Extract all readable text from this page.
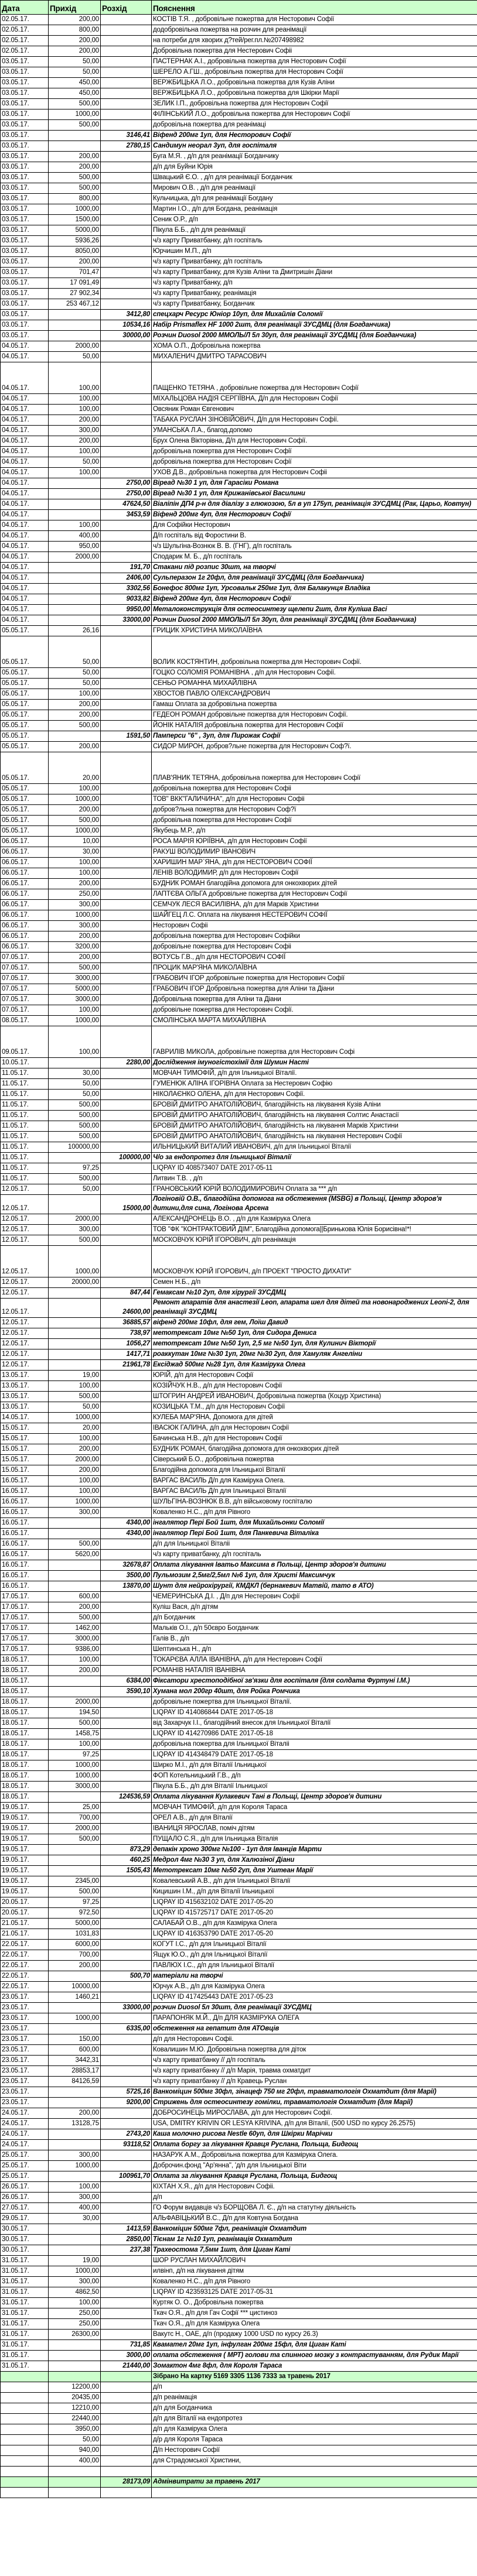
Дата	Прихід	Розхід	Пояснення
02.05.17.	200,00		КОСТІВ Т.Я. , добровільне пожертва для Несторович Софії
02.05.17.	800,00		додобровільна пожертва на розчин для реанімації
02.05.17.	200,00		на потреби для хворих д?тей/рег.пл.№207498982
02.05.17.	200,00		Добровільна пожертва для Нестерович Софіі
03.05.17.	50,00		ПАСТЕРНАК А.І., добровільна пожертва для Несторович Софії
03.05.17.	50,00		ШЕРЕЛО А.ГШ., добровільна пожертва для Несторович Софії
03.05.17.	450,00		ВЕРЖБИЦЬКА Л.О., добровільна пожертва для Кузів Аліни
03.05.17.	450,00		ВЕРЖБИЦЬКА Л.О., добровільна пожертва для Шкірки Марії
03.05.17.	500,00		ЗЕЛИК І.П., добровільна пожертва для Несторович Софії
03.05.17.	1000,00		ФІЛІНСЬКИЙ Л.О., добровільна пожертва для Несторович Софії
03.05.17.	500,00		добровільна пожертва для реанімаці
03.05.17.		3146,41	Віфенд 200мг 1уп, для Несторович Софії
03.05.17.		2780,15	Сандимун неорал 3уп, для госпіталя
03.05.17.	200,00		Буга М.Я. , д/п для реанімації Богданчику
03.05.17.	200,00		д/п для Буйни Юрія
03.05.17.	500,00		Швацький Є.О. , д/п для реанімації Богданчик
03.05.17.	500,00		Мирович О.В. , д/п для реанімації
03.05.17.	800,00		Кульчицька, д/п для реанімації Богдану
03.05.17.	1000,00		Мартин І.О., д/п для Богдана, реанімація
03.05.17.	1500,00		Сеник О.Р., д/п
03.05.17.	5000,00		Пікула Б.Б., д/п для реанімації
03.05.17.	5936,26		ч/з карту Приватбанку, д/п госпіталь
03.05.17.	8050,00		Юрчишин М.П., д/п
03.05.17.	200,00		ч/з карту Приватбанку, д/п госпіталь
03.05.17.	701,47		ч/з карту Приватбанку, для Кузів Аліни та Дмитришін Діани
03.05.17.	17 091,49		ч/з карту Приватбанку, д/п
03.05.17.	27 902,34		ч/з карту Приватбанку, реанімація
03.05.17.	253 467,12		ч/з карту Приватбанку, Богданчик
03.05.17.		3412,80	спецхарч Ресурс Юніор 10уп, для Михайлів Соломії
03.05.17.		10534,16	Набір Prismaflex HF 1000 2шт, для реанімації ЗУСДМЦ (для Богданчика)
03.05.17.		30000,00	Розчин Duosol 2000 ММОЛЬ/Л 5л 30уп, для реанімації ЗУСДМЦ (для Богданчика)
04.05.17.	2000,00		ХОМА О.П., Добровільна пожертва
04.05.17.	50,00		МИХАЛЕНИЧ ДМИТРО ТАРАСОВИЧ
04.05.17.	100,00		ПАЩЕНКО ТЕТЯНА , добровільне пожертва для Несторович Софії
04.05.17.	100,00		МІХАЛЬЦОВА НАДІЯ СЕРГІЇВНА, Д/п для Несторович Софії
04.05.17.	100,00		Овсяник Роман Євгенович
04.05.17.	200,00		ТАБАКА РУСЛАН ЗІНОВІЙОВИЧ, Д/п для Несторович Софії.
04.05.17.	300,00		УМАНСЬКА Л.А., благод.допомо
04.05.17.	200,00		Брух Олена Вікторівна, Д/п для Несторович Софії.
04.05.17.	100,00		добровільна пожертва для Несторович Софії
04.05.17.	50,00		добровільна пожертва для Несторович Софії
04.05.17.	100,00		УХОВ Д.В., добровільна пожертва для Несторович Софіі
04.05.17.		2750,00	Віреад №30 1 уп, для Гарасіки Романа
04.05.17.		2750,00	Віреад №30 1 уп, для Крижанівської Василини
04.05.17.		47624,50	Віаліпін ДП4 р-н для діалізу з глюкозою, 5л в уп 175уп, реанімація ЗУСДМЦ (Рак, Царьо, Ковтун)
04.05.17.		3453,59	Віфенд 200мг 4уп, для Несторович Софії
04.05.17.	100,00		Для Софійки Несторович
04.05.17.	400,00		Д/п госпіталь від Форостини В.
04.05.17.	950,00		ч/з Шульгіна-Вознюк В. В. (ГНГ), д/п госпіталь
04.05.17.	2000,00		Сподарик М. Б., д/п госпіталь
04.05.17.		191,70	Стакани під розпис 30шт, на творчі
04.05.17.		2406,00	Сульперазон 1г 20фл, для реанімації ЗУСДМЦ (для Богданчика)
04.05.17.		3302,56	Бонефос 800мг 1уп, Урсовальк 250мг 1уп, для Балакунця Владіка
04.05.17.		9033,82	Віфенд 200мг 4уп, для Несторович Софії
04.05.17.		9950,00	Металоконструкція для остеосинтезу щелепи 2шт, для Куліша Васі
04.05.17.		33000,00	Розчин Duosol 2000 ММОЛЬ/Л 5л 30уп, для реанімації ЗУСДМЦ (для Богданчика)
05.05.17.	26,16		ГРИЦИК ХРИСТИНА МИКОЛАЇВНА
05.05.17.	50,00		ВОЛИК КОСТЯНТИН, добровільна пожертва для Несторович Софії.
05.05.17.	50,00		ГОЦКО СОЛОМІЯ РОМАНІВНА , д/п для Несторович Софії.
05.05.17.	50,00		СЕНЬО РОМАННА МИХАЙЛІВНА
05.05.17.	100,00		ХВОСТОВ ПАВЛО ОЛЕКСАНДРОВИЧ
05.05.17.	200,00		Гамаш Оплата за добровільна пожертва
05.05.17.	200,00		ГЕДЕОН РОМАН добровільне пожертва для Несторович Софії.
05.05.17.	500,00		ЙОНІК НАТАЛІЯ добровільна пожертва для Несторович Софії
05.05.17.		1591,50	Памперси "6" , 3уп, для Пирожак Софії
05.05.17.	200,00		СИДОР МИРОН, добров?льне пожертва для Несторович Соф?ї.
05.05.17.	20,00		ПЛАВ'ЯНИК ТЕТЯНА, добровільна пожертва для Несторович Софії
05.05.17.	100,00		добровільна пожертва для Несторович Софіі
05.05.17.	1000,00		ТОВ" ВКК"ГАЛИЧИНА", д/п для Несторович Софіі
05.05.17.	200,00		добров?льна пожертва для Несторович Соф?ї
05.05.17.	500,00		добровільна пожертва для Несторович Софії
05.05.17.	1000,00		Якубець М.Р., д/п
06.05.17.	10,00		РОСА МАРІЯ ЮРІЇВНА, д/п для Несторович Софії
06.05.17.	30,00		РАКУШ ВОЛОДИМИР ІВАНОВИЧ
06.05.17.	100,00		ХАРИШИН МАР`ЯНА, д/п для НЕСТОРОВИЧ СОФІЇ
06.05.17.	100,00		ЛЕНІВ ВОЛОДИМИР, д/п для Несторович Софії
06.05.17.	200,00		БУДНИК РОМАН благодійна допомога для онкохворих дітей
06.05.17.	250,00		ЛАПТЄВА ОЛЬГА добровільне пожертва для Несторович Софії
06.05.17.	300,00		СЕМЧУК ЛЕСЯ ВАСИЛІВНА, д/п для Марків Христини
06.05.17.	1000,00		ШАЙГЕЦ Л.С. Оплата на лікування НЕСТЕРОВИЧ СОФІЇ
06.05.17.	300,00		Несторович Софіі
06.05.17.	200,00		добровільна пожертва для Несторович Софійки
06.05.17.	3200,00		добровільне пожертва для Несторович Софіі
07.05.17.	200,00		ВОТУСЬ Г.В., д/п для НЕСТОРОВИЧ СОФІЇ
07.05.17.	500,00		ПРОЦИК МАР'ЯНА МИКОЛАЇВНА
07.05.17.	3000,00		ГРАБОВИЧ ІГОР добровільне пожертва для Несторович Софії
07.05.17.	5000,00		ГРАБОВИЧ ІГОР Добровільна пожертва для Аліни та Діани
07.05.17.	3000,00		Добровільна пожертва для Аліни та Діани
07.05.17.	100,00		добровільне пожертва для Несторович Софії.
08.05.17.	1000,00		СМОЛІНСЬКА МАРТА МИХАЙЛІВНА
09.05.17.	100,00		ГАВРИЛІВ МИКОЛА, добровільне пожертва для Несторович Софі
10.05.17.		2280,00	Дослідження імуногістохімії для Шумин Насті
11.05.17.	30,00		МОВЧАН ТИМОФІЙ, д/п для Ільницької Віталії.
11.05.17.	50,00		ГУМЕНЮК АЛІНА ІГОРІВНА Оплата за Нестерович Софію
11.05.17.	50,00		НІКОЛАЄНКО ОЛЕНА, д/п для Несторович Софії.
11.05.17.	500,00		БРОВІЙ ДМИТРО АНАТОЛІЙОВИЧ, благодійність на лікування Кузів Аліни
11.05.17.	500,00		БРОВІЙ ДМИТРО АНАТОЛІЙОВИЧ, благодійність на лікування Солтис Анастасії
11.05.17.	500,00		БРОВІЙ ДМИТРО АНАТОЛІЙОВИЧ, благодійність на лікування Марків Христини
11.05.17.	500,00		БРОВІЙ ДМИТРО АНАТОЛІЙОВИЧ, благодійність на лікування Нестерович Софії
11.05.17.	100000,00		ИЛЬНИЦЬКИЙ ВИТАЛИЙ ИВАНОВИЧ, д/п для Ільницької Віталії
11.05.17.		100000,00	Ч/о за ендопротез для Ільницької Віталії
11.05.17.	97,25		LIQPAY ID 408573407 DATE 2017-05-11
11.05.17.	500,00		Литвин Т.В. , д/п
12.05.17.	50,00		ГРАНОВСЬКИЙ ЮРІЙ ВОЛОДИМИРОВИЧ Оплата за *** д/п
12.05.17.		15000,00	Логіновій О.В., благодійна допомога на обстеження (MSBG) в Польщі, Центр здоров'я дитини,для сина, Логінова Арсена
12.05.17.	2000,00		АЛЕКСАНДРОНЕЦЬ В.О. , д/п для Казмірука Олега
12.05.17.	300,00		ТОВ "ФК "КОНТРАКТОВИЙ ДІМ", Благодійна допомога||Бринькова Юлія Борисівна!*!
12.05.17.	500,00		МОСКОВЧУК ЮРІЙ ІГОРОВИЧ, д/п реанімація
12.05.17.	1000,00		МОСКОВЧУК ЮРІЙ ІГОРОВИЧ, д/п ПРОЕКТ "ПРОСТО ДИХАТИ"
12.05.17.	20000,00		Семен Н.Б., д/п
12.05.17.		847,44	Гемаксам №10 2уп, для хірургії ЗУСДМЦ
12.05.17.		24600,00	Ремонт апаратів для анастезії Leon, апарата шел для дітей та новонароджених Leoni-2, для реанімації ЗУСДМЦ
12.05.17.		36885,57	віфенд 200мг 10фл, для гем, Лоїш Давид
12.05.17.		738,97	метотрексат 10мг №50 1уп, для Сидора Дениса
12.05.17.		1056,27	метотрексат 10мг №50 1уп, 2,5 мг №50 1уп, для Кулинич Вікторії
12.05.17.		1417,71	роаккутан 10мг №30 1уп, 20мг №30 2уп, для Хамуляк Ангеліни
12.05.17.		21961,78	Ексіджад 500мг №28 1уп, для Казмірука Олега
13.05.17.	19,00		ЮРІЙ, д/п для Несторович Софії
13.05.17.	100,00		КОЗІЙЧУК Н.В., д/п для Несторович Софії
13.05.17.	500,00		ШТОГРИН АНДРЕЙ ИВАНОВИЧ, Добровільна пожертва (Коцур Христина)
13.05.17.	50,00		КОЗИЦЬКА Т.М., д/п для Несторович Софії
14.05.17.	1000,00		КУЛЕБА МАР'ЯНА, Допомога для дітей
15.05.17.	20,00		ІВАСЮК ГАЛИНА, д/п для Несторович Софії
15.05.17.	100,00		Бачинська Н.В., д/п для Несторович Софії
15.05.17.	200,00		БУДНИК РОМАН, благодійна допомога для онкохворих дітей
15.05.17.	2000,00		Сіверський Б.О., добровільна пожертва
15.05.17.	200,00		Благодійна допомога для Ільницької Віталії
16.05.17.	100,00		ВАРГАС ВАСИЛЬ Д/п для Казмірука Олега.
16.05.17.	100,00		ВАРГАС ВАСИЛЬ Д/п для Ільницької Віталії
16.05.17.	1000,00		ШУЛЬГІНА-ВОЗНЮК В.В, д/п військовому госпіталю
16.05.17.	300,00		Коваленко Н.С., д/п для Рівного
16.05.17.		4340,00	інгалятор Пері Бой 1шт, для Михайльонки Соломії
16.05.17.		4340,00	інгалятор Пері Бой 1шт, для Панкевича Віталіка
16.05.17.	500,00		д/п для Ільницької Віталіі
16.05.17.	5620,00		ч/з карту приватбанку, д/п госпіталь
16.05.17.		32678,87	Оплата лікування Іватьо Максима в Польщі, Центр здоров'я дитини
16.05.17.		3500,00	Пульмозим 2,5мг/2,5мл №6 1уп, для Христі Максимчук
16.05.17.		13870,00	Шунт для нейрохірургії, КМДКЛ (бернакевич Матвій, тато в АТО)
17.05.17.	600,00		ЧЕМЕРИНСЬКА Д.І. , Д/п для Нестерович Софії
17.05.17.	200,00		Куліш Вася, д/п дітям
17.05.17.	500,00		д/п Богданчик
17.05.17.	1462,00		Мальків О.І., д/п 50євро Богданчик
17.05.17.	3000,00		Галів В., д/п
17.05.17.	9386,00		Шептинська Н., д/п
18.05.17.	100,00		ТОКАРЄВА АЛЛА ІВАНІВНА, д/п для Нестерович Софії
18.05.17.	200,00		РОМАНІВ НАТАЛІЯ ІВАНІВНА
18.05.17.		6384,00	Фіксатори хрестоподібної зв'язки для госпіталя (для солдата Фуртуні І.М.)
18.05.17.		3590,10	Хумана мол 200гр 40шт, для Ройка Ромчика
18.05.17.	2000,00		добровільне пожертва для Ільницької Віталії.
18.05.17.	194,50		LIQPAY ID 414086844 DATE 2017-05-18
18.05.17.	500,00		від Захарчук І.І., благодійний внесок для Ільницької Віталії
18.05.17.	1458,75		LIQPAY ID 414270986 DATE 2017-05-18
18.05.17.	100,00		добровільна пожертва для Ільницької Віталіі
18.05.17.	97,25		LIQPAY ID 414348479 DATE 2017-05-18
18.05.17.	1000,00		Ширко М.І., д/п для Віталії Ільницької
18.05.17.	1000,00		ФОП Котельницький Г.В., д/п
18.05.17.	3000,00		Пікула Б.Б., д/п для Віталії Ільницької
18.05.17.		124536,59	Оплата лікування Кулакевич Тані в Польщі, Центр здоров'я дитини
19.05.17.	25,00		МОВЧАН ТИМОФІЙ, д/п для Короля Тараса
19.05.17.	700,00		ОРЕЛ А.В., д/п для Віталії
19.05.17.	2000,00		ІВАНИЦЯ ЯРОСЛАВ, поміч дітям
19.05.17.	500,00		ПУЩАЛО С.Я., д/п для Ільницька Віталія
19.05.17.		873,29	депакін хроно 300мг №100 - 1уп для Іванців Марти
19.05.17.		460,25	Медрол 4мг №30 3 уп, для Халюзіної Діани
19.05.17.		1505,43	Метотрексат 10мг №50 2уп, для Уштеан Марії
19.05.17.	2345,00		Ковалевський А.В., д/п для Ільницької Віталії
19.05.17.	500,00		Кицишин І.М., д/п для Віталії Ільницької
20.05.17.	97,25		LIQPAY ID 415632102 DATE 2017-05-20
20.05.17.	972,50		LIQPAY ID 415725717 DATE 2017-05-20
21.05.17.	5000,00		САЛАБАЙ О.В., д/п для Казмірука Олега
21.05.17.	1031,83		LIQPAY ID 416353790 DATE 2017-05-20
22.05.17.	6000,00		КОГУТ І.С., д/п для Ільницької Віталії
22.05.17.	700,00		Ящук Ю.О., д/п для Ільницької Віталії
22.05.17.	200,00		ПАВЛЮХ І.С., д/п для Ільницької Віталії
22.05.17.		500,70	матеріали на творчі
22.05.17.	10000,00		Юрчук А.В., д/п для Казмірука Олега
23.05.17.	1460,21		LIQPAY ID 417425443 DATE 2017-05-23
23.05.17.		33000,00	розчин Duosol 5л 30шт, для реанімації ЗУСДМЦ
23.05.17.	1000,00		ПАРАПОНЯК М.Й., Д/п ДЛЯ КАЗМІРУКА ОЛЕГА
23.05.17.		6335,00	обстеження на гепатит для АТОвців
23.05.17.	150,00		д/п для Несторович Софіі.
23.05.17.	600,00		Ковалишин М.Ю. Добровільна пожертва для діток
23.05.17.	3442,31		ч/з карту приватбанку // д/п госпіталь
23.05.17.	28853,17		ч/з карту приватбанку // д/п Марія, травма охматдит
23.05.17.	84126,59		ч/з карту приватбанку // д/п Кравець Руслан
23.05.17.		5725,16	Ванкоміцин 500мг 30фл, зінацеф 750 мг 20фл, травматологія Охматдит (для Марії)
23.05.17.		9200,00	Стрижень для остеосинтезу гомілки, травматологія Охматдит (для Марії)
24.05.17.	200,00		ДОБРОСИНЕЦЬ МИРОСЛАВА, д/п для Несторович Софії.
24.05.17.	13128,75		USA, DMITRY KRIVIN OR LESYA KRIVINA, д/п для Віталії, (500 USD по курсу 26.2575)
24.05.17.		2743,20	Каша молочно рисова Nestle 60уп, для Шкірки Марічки
24.05.17.		93118,52	Оплата боргу за лікування Кравця Руслана, Польща, Бидгощ
25.05.17.	300,00		НАЗАРУК А.М., Добровільна пожертва для Казмірука Олега.
25.05.17.	1000,00		Доброчин.фонд "Ар'янна", 'д/п для Ільницької Віти
25.05.17.		100961,70	Оплата за лікування Кравця Руслана, Польща, Бидгощ
26.05.17.	100,00		КІХТАН Х.Я., д/п для Несторович Софіі.
26.05.17.	300,00		д/п
27.05.17.	400,00		ГО Форум видавців ч/з БОРЩОВА Л. Є., д/п на статутну діяльність
29.05.17.	30,00		АЛЬФАВІЦЬКИЙ В.С., Д/п для Ковтуна Богдана
30.05.17.		1413,59	Ванкоміцин 500мг 7фл, реанімація Охматдит
30.05.17.		2850,00	Тієнам 1г №10 1уп, реанімація Охматдит
30.05.17.		237,38	Трахеостома 7,5мм 1шт, для Циган Каті
31.05.17.	19,00		ШОР РУСЛАН МИХАЙЛОВИЧ
31.05.17.	1000,00		илвінп, д/п на лікування дітям
31.05.17.	300,00		Коваленко Н.С., д/п для Рівного
31.05.17.	4862,50		LIQPAY ID 423593125 DATE 2017-05-31
31.05.17.	100,00		Куртяк О. О., Добровільна пожертва
31.05.17.	250,00		Ткач О.Я., д/п для Гач Софії *** цистиноз
31.05.17.	250,00		Ткач О.Я., д/п для Казмірука Олега
31.05.17.	26300,00		Вакутс Н., ОАЕ, д/п (продажу 1000 USD по курсу 26.3)
31.05.17.		731,85	Квамател 20мг 1уп, інфулган 200мг 15фл, для Циган Каті
31.05.17.		3000,00	оплата обстеження ( МРТ) голови та спинного мозку з контрастуванням, для Рудик Марії
31.05.17.		21440,00	Зомактон 4мг 8фл, для Короля Тараса
			Зібрано На картку 5169 3305 1136 7333 за травень 2017
	12200,00		д/п
	20435,00		д/п реанімація
	12210,00		д/п для Богданчика
	22440,00		д/п для Віталії на ендопротез
	3950,00		д/п для Казмірука Олега
	50,00		д/р для Короля Тараса
	940,00		Д/п Несторович Софії
	400,00		для Страдомської Христини,

		28173,09	Адмінвитрати за травень 2017
